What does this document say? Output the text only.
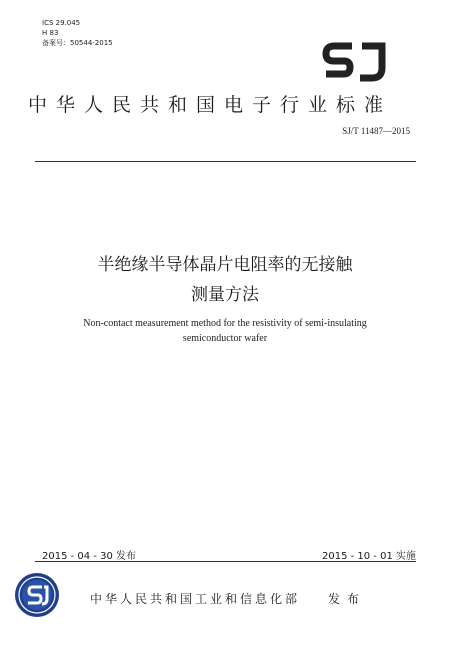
ICS 29.045
H 83
备案号：50544-2015
中华人民共和国电子行业标准
SJ/T 11487—2015
半绝缘半导体晶片电阻率的无接触
测量方法
Non-contact measurement method for the resistivity of semi-insulating
semiconductor wafer
2015 - 04 - 30 发布	2015 - 10 - 01 实施
中华人民共和国工业和信息化部 发布
